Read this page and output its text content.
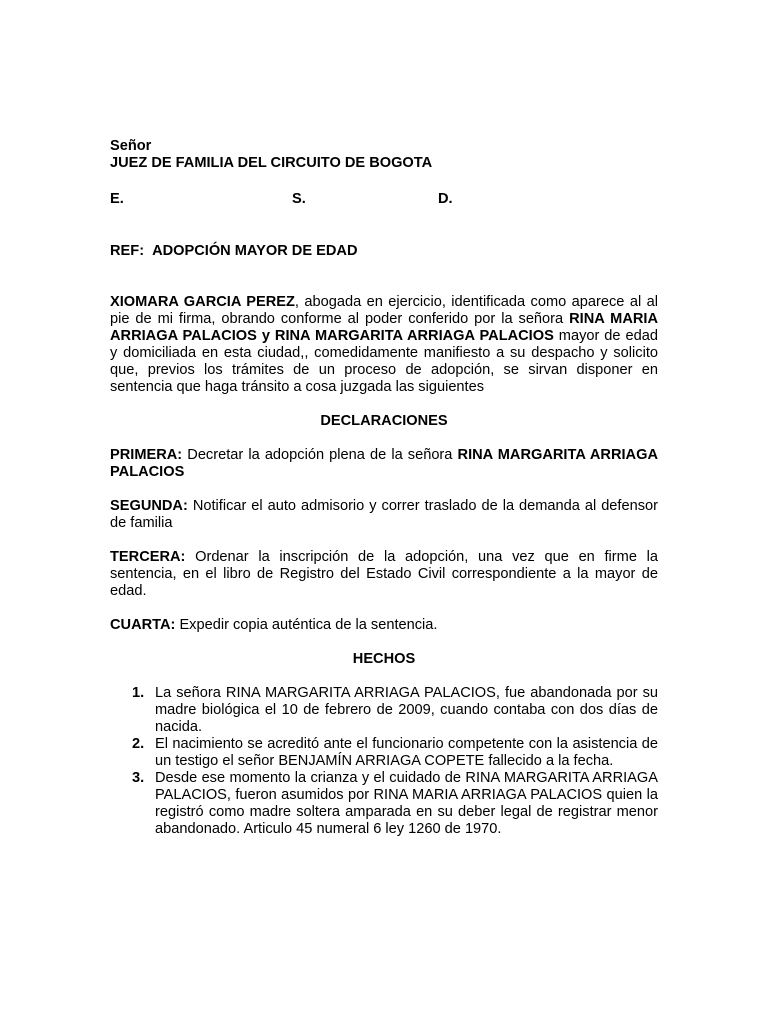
Señor

JUEZ DE FAMILIA DEL CIRCUITO DE BOGOTA

E.	S.	D.

REF: ADOPCIÓN MAYOR DE EDAD

XIOMARA GARCIA PEREZ, abogada en ejercicio, identificada como aparece al al pie de mi firma, obrando conforme al poder conferido por la señora RINA MARIA ARRIAGA PALACIOS y RINA MARGARITA ARRIAGA PALACIOS mayor de edad y domiciliada en esta ciudad,, comedidamente manifiesto a su despacho y solicito que, previos los trámites de un proceso de adopción, se sirvan disponer en sentencia que haga tránsito a cosa juzgada las siguientes

DECLARACIONES

PRIMERA: Decretar la adopción plena de la señora RINA MARGARITA ARRIAGA PALACIOS

SEGUNDA: Notificar el auto admisorio y correr traslado de la demanda al defensor de familia

TERCERA: Ordenar la inscripción de la adopción, una vez que en firme la sentencia, en el libro de Registro del Estado Civil correspondiente a la mayor de edad.

CUARTA: Expedir copia auténtica de la sentencia.

HECHOS

1. La señora RINA MARGARITA ARRIAGA PALACIOS, fue abandonada por su madre biológica el 10 de febrero de 2009, cuando contaba con dos días de nacida.
2. El nacimiento se acreditó ante el funcionario competente con la asistencia de un testigo el señor BENJAMÍN ARRIAGA COPETE fallecido a la fecha.
3. Desde ese momento la crianza y el cuidado de RINA MARGARITA ARRIAGA PALACIOS, fueron asumidos por RINA MARIA ARRIAGA PALACIOS quien la registró como madre soltera amparada en su deber legal de registrar menor abandonado. Articulo 45 numeral 6 ley 1260 de 1970.
